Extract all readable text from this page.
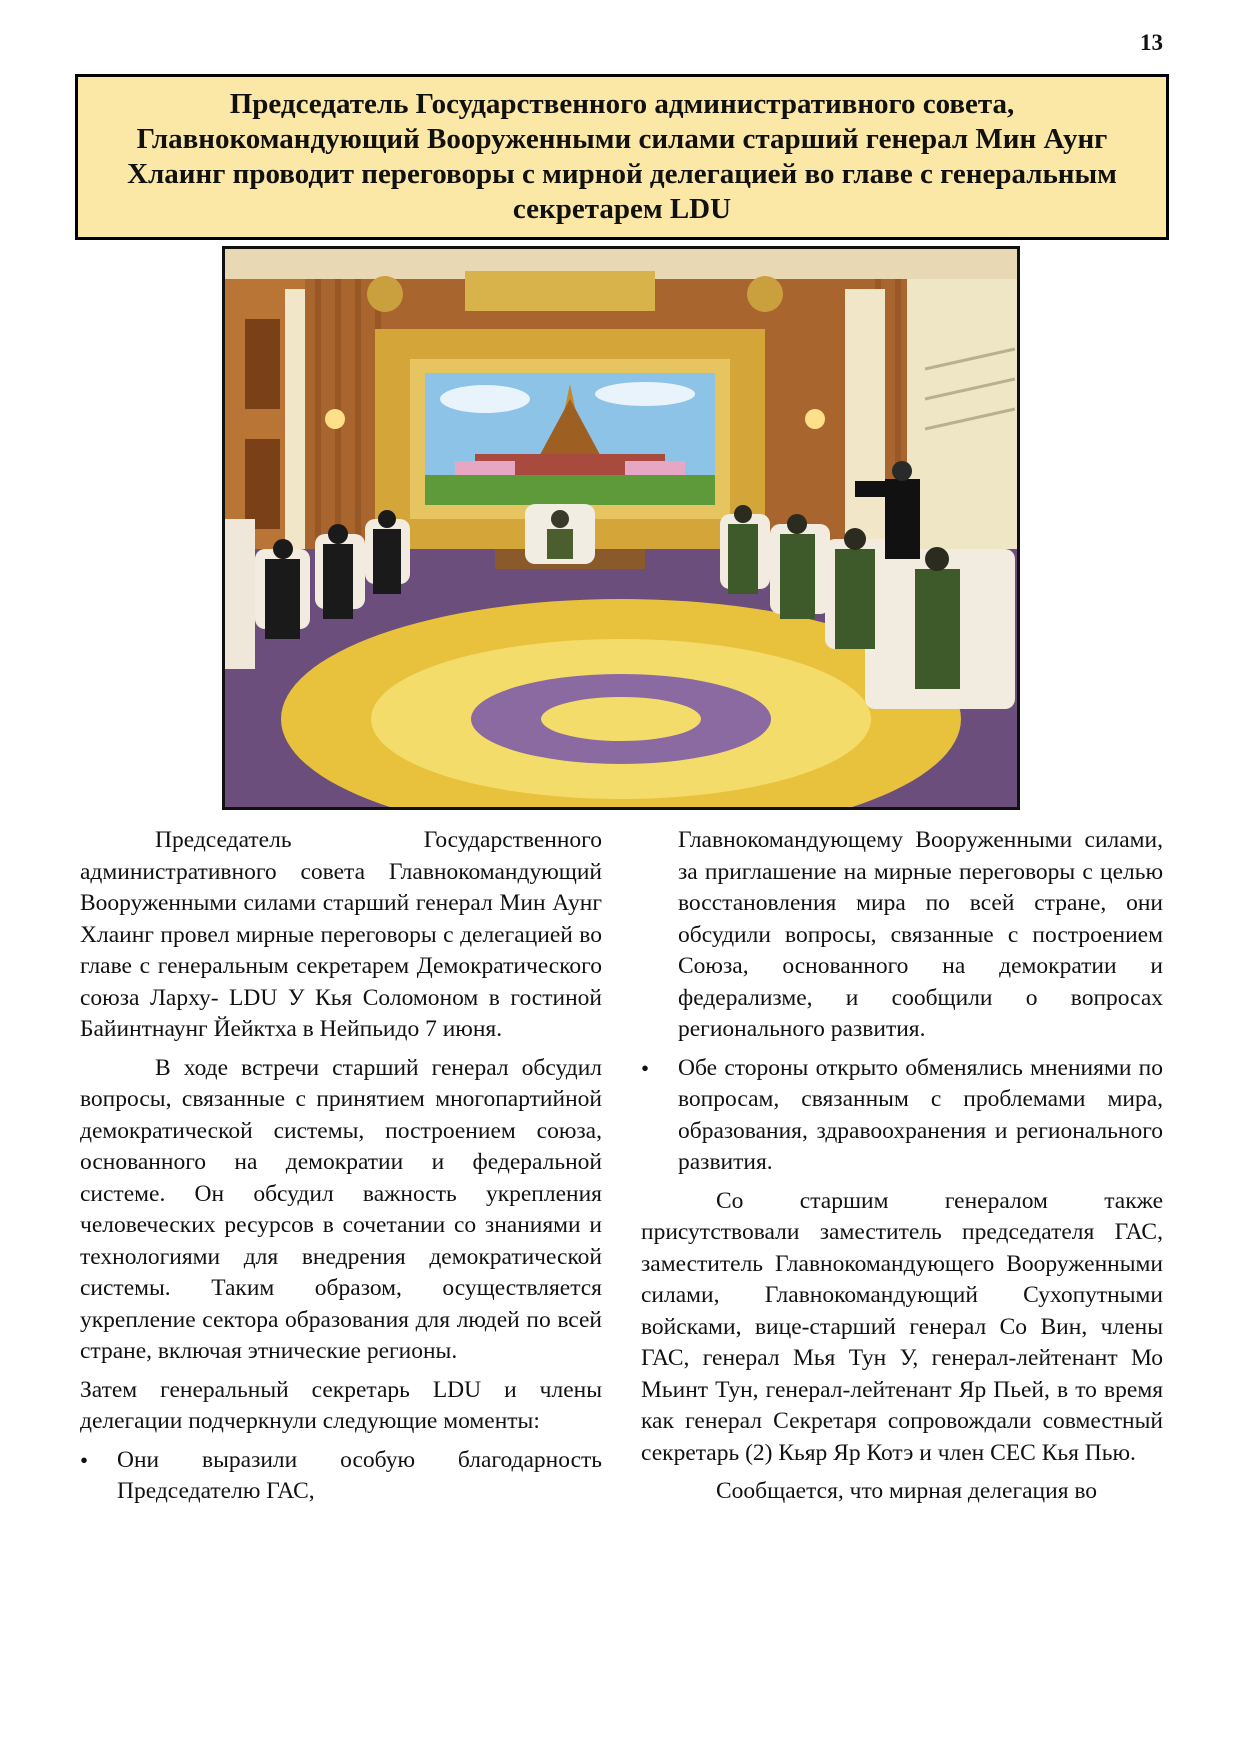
13
Председатель Государственного административного совета, Главнокомандующий Вооруженными силами старший генерал Мин Аунг Хлаинг проводит переговоры с мирной делегацией во главе с генеральным секретарем LDU

Председатель Государственного административного совета Главнокомандующий Вооруженными силами старший генерал Мин Аунг Хлаинг провел мирные переговоры с делегацией во главе с генеральным секретарем Демократического союза Ларху- LDU У Кья Соломоном в гостиной Байинтнаунг Йейктха в Нейпьидо 7 июня.

В ходе встречи старший генерал обсудил вопросы, связанные с принятием многопартийной демократической системы, построением союза, основанного на демократии и федеральной системе. Он обсудил важность укрепления человеческих ресурсов в сочетании со знаниями и технологиями для внедрения демократической системы. Таким образом, осуществляется укрепление сектора образования для людей по всей стране, включая этнические регионы.

Затем генеральный секретарь LDU и члены делегации подчеркнули следующие моменты:

• Они выразили особую благодарность Председателю ГАС,
Главнокомандующему Вооруженными силами, за приглашение на мирные переговоры с целью восстановления мира по всей стране, они обсудили вопросы, связанные с построением Союза, основанного на демократии и федерализме, и сообщили о вопросах регионального развития.
• Обе стороны открыто обменялись мнениями по вопросам, связанным с проблемами мира, образования, здравоохранения и регионального развития.

Со старшим генералом также присутствовали заместитель председателя ГАС, заместитель Главнокомандующего Вооруженными силами, Главнокомандующий Сухопутными войсками, вице-старший генерал Со Вин, члены ГАС, генерал Мья Тун У, генерал-лейтенант Мо Мьинт Тун, генерал-лейтенант Яр Пьей, в то время как генерал Секретаря сопровождали совместный секретарь (2) Кьяр Яр Котэ и член СЕС Кья Пью.

Сообщается, что мирная делегация во
